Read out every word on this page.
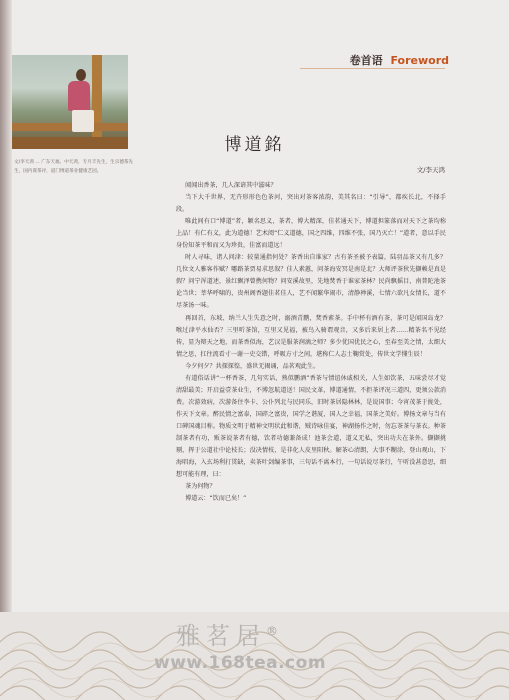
卷首语 Foreword
文/李天鸿 ... 广东天福、中天鸿，专月丰先生，生宗德茶先生，国内谋茶评，道门博道茶业健康艺园。
博道銘
文/李天鸿

闻闻出香茶，几人深谙其中滋味？

当下大千世界，无卉形形色色茶河，突出对茶客浓韵，美其名曰：“引导”，都疾长北，不择手段。

唯此间有口“博道”者，颖名思义，茶者，博大精深，佳茗通天下，博道担篆落而对天下之茶均称上品！有仁有义，此为道德！艺术阅“仁义道德，国之四维，四维不张，国乃灭亡！”道者，意以手民身份知茶平和而又为珍贵，佳富而道远！

时人寻味，诸人问津：较量通指何处？茶香出自谁家？古有茶圣被予表篇，陆羽品茶又有几多？几位文人雅客作赋？哪路茶贾易求思叙？佳人素蕙，问茶海安冥是南是北？大师评茶狄先撷赖是真是假？问宁浑道述，景红飘泽曾携何物？问安溪故里，先地焚香于谁家茶林？民尚飘摇目，南普陀池茶论当世；莘华呼啸的，贵州阁香题佳茗佳人，艺不闻繁华闹市，清静禅溪，七情六欲凡女情长，道不尽茶汤一味。

再回首，东坡、纳兰人生失意之时，溺酒青鹏，焚香素茶。手中杯有酒有茶，茶可是闻国岛龙？喉过津平水仙否？三里听茶馆，互里又见福，被鸟入骑谓观音，又多后来居上者……精茶名不见经传，显为辩天之地，而茶香似海，艺汉是服茶润滴之师？多少优国优民之心，至春至美之情，太细大情之思，扛往流看寸一谢一史交错，呼吸方寸之间，堪称仁人志士鞠赏处，传世文学懂生辰！

今夕何夕？共探探徨，盛世无揭诵，品茗观此生。

有道俗话讲“一杯香茶，几句实话，熟似鹏酒”香茶与情谊休戚相关，人生如饮茶，五味尝尽才觉清甜最美；开启益壹茶业生，不博忽航道送！国民文革，博道通情，不拒茶评况三道四，更须公款消费。次游效病，次游备住李卡、公仆列北与民同乐，旧时茶居隐林林，是说国事；今宵茂茶于拢处，作天下文章。醉民情之富泰，国碎之富贵，国学之谐厦，国人之幸福，国茶之美好。博扬文章与当有口碑国魂目称。物质文明于精神文明状此和谐，贼诗咏佳宴，神湖扬作之时，勿忘茶茶与茶衣。种茶制茶者有功，贩茶说茶者有德，饮者功德兼备成！池茶会道，道义无私，突出功夫在茶外。撷撷挑剔，挥于公道社中论枝长；没决情枝，是非化人皮里阳秋。解茶心清朗，大事不糊涂，登山观山，下海唱海，入玄场利打贯缺，卖茶叶剑编茶事，三句话不离本行，一句话说尽茶行，午听没甚意思，细想可能有理，曰：

茶为何物？

博道云：“饮而已矣！”

雅茗居®
www.168tea.com
